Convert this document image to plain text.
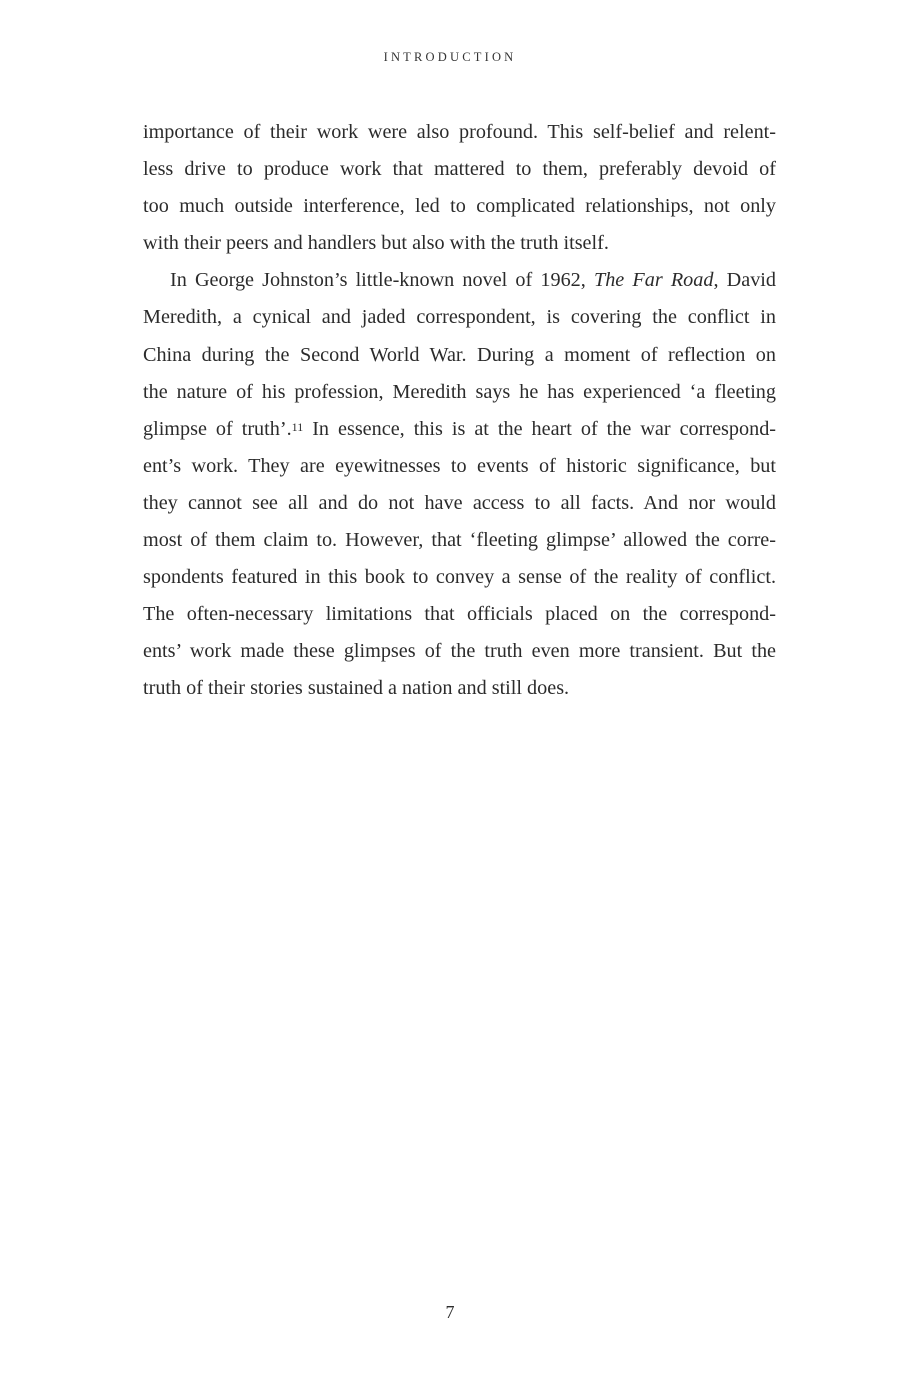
INTRODUCTION
importance of their work were also profound. This self-belief and relent-
less drive to produce work that mattered to them, preferably devoid of
too much outside interference, led to complicated relationships, not only
with their peers and handlers but also with the truth itself.
In George Johnston’s little-known novel of 1962, The Far Road, David
Meredith, a cynical and jaded correspondent, is covering the conflict in
China during the Second World War. During a moment of reflection on
the nature of his profession, Meredith says he has experienced ‘a fleeting
glimpse of truth’.$^{11}$ In essence, this is at the heart of the war correspond-
ent’s work. They are eyewitnesses to events of historic significance, but
they cannot see all and do not have access to all facts. And nor would
most of them claim to. However, that ‘fleeting glimpse’ allowed the corre-
spondents featured in this book to convey a sense of the reality of conflict.
The often-necessary limitations that officials placed on the correspond-
ents’ work made these glimpses of the truth even more transient. But the
truth of their stories sustained a nation and still does.
7
